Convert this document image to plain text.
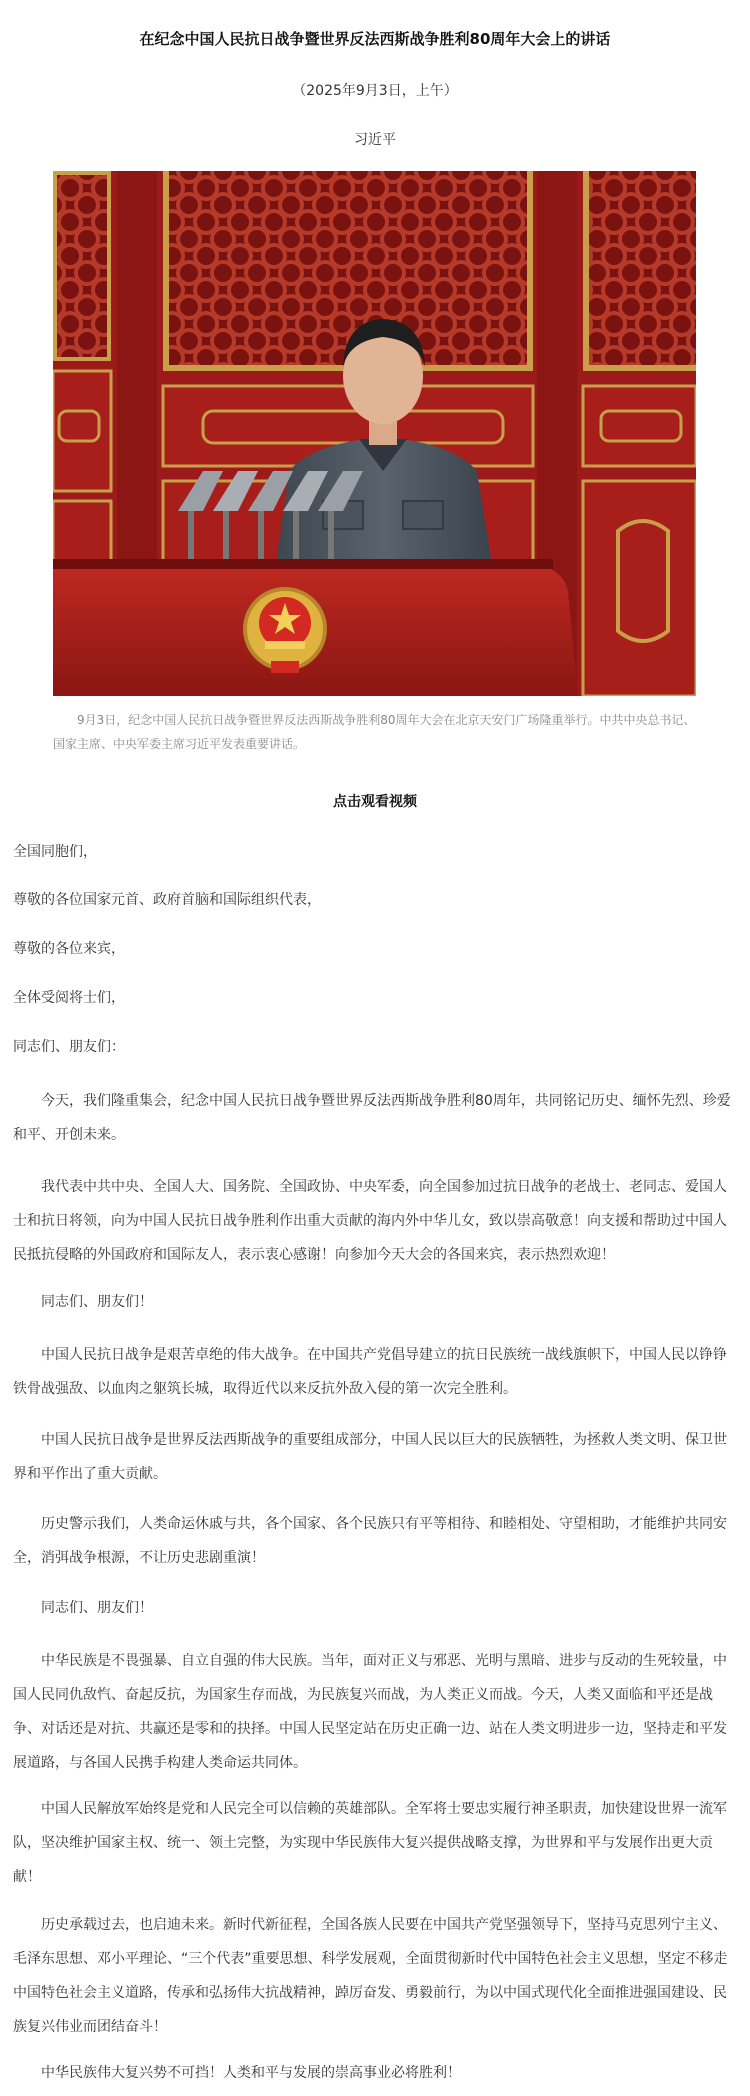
在纪念中国人民抗日战争暨世界反法西斯战争胜利80周年大会上的讲话
（2025年9月3日，上午）
习近平
9月3日，纪念中国人民抗日战争暨世界反法西斯战争胜利80周年大会在北京天安门广场隆重举行。中共中央总书记、国家主席、中央军委主席习近平发表重要讲话。
点击观看视频

全国同胞们，

尊敬的各位国家元首、政府首脑和国际组织代表，

尊敬的各位来宾，

全体受阅将士们，

同志们、朋友们：

今天，我们隆重集会，纪念中国人民抗日战争暨世界反法西斯战争胜利80周年，共同铭记历史、缅怀先烈、珍爱和平、开创未来。

我代表中共中央、全国人大、国务院、全国政协、中央军委，向全国参加过抗日战争的老战士、老同志、爱国人士和抗日将领，向为中国人民抗日战争胜利作出重大贡献的海内外中华儿女，致以崇高敬意！向支援和帮助过中国人民抵抗侵略的外国政府和国际友人，表示衷心感谢！向参加今天大会的各国来宾，表示热烈欢迎！

同志们、朋友们！

中国人民抗日战争是艰苦卓绝的伟大战争。在中国共产党倡导建立的抗日民族统一战线旗帜下，中国人民以铮铮铁骨战强敌、以血肉之躯筑长城，取得近代以来反抗外敌入侵的第一次完全胜利。

中国人民抗日战争是世界反法西斯战争的重要组成部分，中国人民以巨大的民族牺牲，为拯救人类文明、保卫世界和平作出了重大贡献。

历史警示我们，人类命运休戚与共，各个国家、各个民族只有平等相待、和睦相处、守望相助，才能维护共同安全，消弭战争根源，不让历史悲剧重演！

同志们、朋友们！

中华民族是不畏强暴、自立自强的伟大民族。当年，面对正义与邪恶、光明与黑暗、进步与反动的生死较量，中国人民同仇敌忾、奋起反抗，为国家生存而战，为民族复兴而战，为人类正义而战。今天，人类又面临和平还是战争、对话还是对抗、共赢还是零和的抉择。中国人民坚定站在历史正确一边、站在人类文明进步一边，坚持走和平发展道路，与各国人民携手构建人类命运共同体。

中国人民解放军始终是党和人民完全可以信赖的英雄部队。全军将士要忠实履行神圣职责，加快建设世界一流军队，坚决维护国家主权、统一、领土完整，为实现中华民族伟大复兴提供战略支撑，为世界和平与发展作出更大贡献！

历史承载过去，也启迪未来。新时代新征程，全国各族人民要在中国共产党坚强领导下，坚持马克思列宁主义、毛泽东思想、邓小平理论、“三个代表”重要思想、科学发展观，全面贯彻新时代中国特色社会主义思想，坚定不移走中国特色社会主义道路，传承和弘扬伟大抗战精神，踔厉奋发、勇毅前行，为以中国式现代化全面推进强国建设、民族复兴伟业而团结奋斗！

中华民族伟大复兴势不可挡！人类和平与发展的崇高事业必将胜利！
